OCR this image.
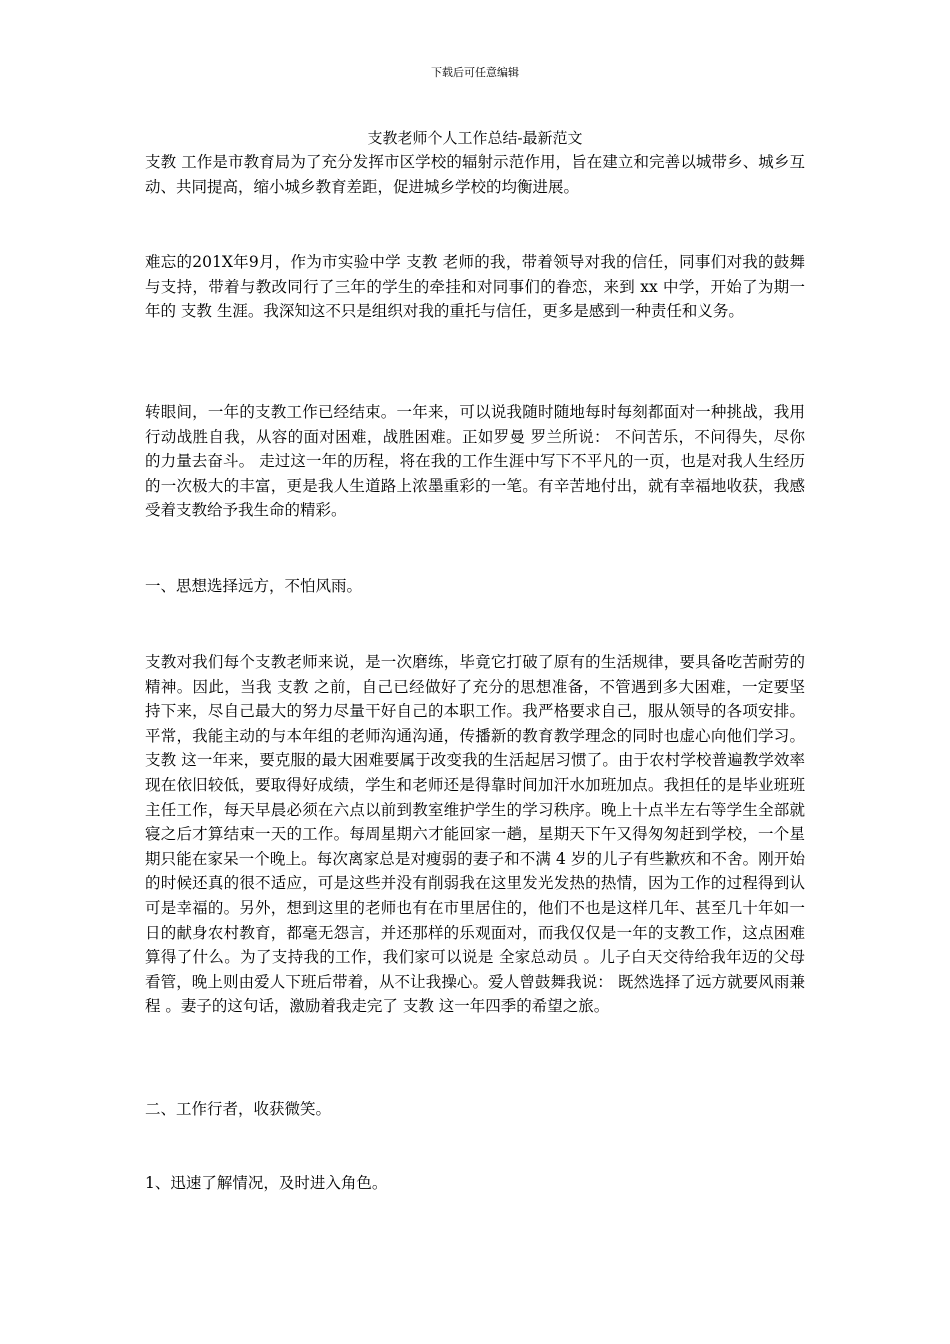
下载后可任意编辑
支教老师个人工作总结-最新范文

支教 工作是市教育局为了充分发挥市区学校的辐射示范作用，旨在建立和完善以城带乡、城乡互动、共同提高，缩小城乡教育差距，促进城乡学校的均衡进展。

难忘的201X年9月，作为市实验中学 支教 老师的我，带着领导对我的信任，同事们对我的鼓舞与支持，带着与教改同行了三年的学生的牵挂和对同事们的眷恋，来到 xx 中学，开始了为期一年的 支教 生涯。我深知这不只是组织对我的重托与信任，更多是感到一种责任和义务。

转眼间，一年的支教工作已经结束。一年来，可以说我随时随地每时每刻都面对一种挑战，我用行动战胜自我，从容的面对困难，战胜困难。正如罗曼 罗兰所说： 不问苦乐，不问得失，尽你的力量去奋斗。 走过这一年的历程，将在我的工作生涯中写下不平凡的一页，也是对我人生经历的一次极大的丰富，更是我人生道路上浓墨重彩的一笔。有辛苦地付出，就有幸福地收获，我感受着支教给予我生命的精彩。

一、思想选择远方，不怕风雨。

支教对我们每个支教老师来说，是一次磨练，毕竟它打破了原有的生活规律，要具备吃苦耐劳的精神。因此，当我 支教 之前，自己已经做好了充分的思想准备，不管遇到多大困难，一定要坚持下来，尽自己最大的努力尽量干好自己的本职工作。我严格要求自己，服从领导的各项安排。平常，我能主动的与本年组的老师沟通沟通，传播新的教育教学理念的同时也虚心向他们学习。 支教 这一年来，要克服的最大困难要属于改变我的生活起居习惯了。由于农村学校普遍教学效率现在依旧较低，要取得好成绩，学生和老师还是得靠时间加汗水加班加点。我担任的是毕业班班主任工作，每天早晨必须在六点以前到教室维护学生的学习秩序。晚上十点半左右等学生全部就寝之后才算结束一天的工作。每周星期六才能回家一趟，星期天下午又得匆匆赶到学校，一个星期只能在家呆一个晚上。每次离家总是对瘦弱的妻子和不满 4 岁的儿子有些歉疚和不舍。刚开始的时候还真的很不适应，可是这些并没有削弱我在这里发光发热的热情，因为工作的过程得到认可是幸福的。另外，想到这里的老师也有在市里居住的，他们不也是这样几年、甚至几十年如一日的献身农村教育，都毫无怨言，并还那样的乐观面对，而我仅仅是一年的支教工作，这点困难算得了什么。为了支持我的工作，我们家可以说是 全家总动员 。儿子白天交待给我年迈的父母看管，晚上则由爱人下班后带着，从不让我操心。爱人曾鼓舞我说： 既然选择了远方就要风雨兼程 。妻子的这句话，激励着我走完了 支教 这一年四季的希望之旅。

二、工作行者，收获微笑。

1、迅速了解情况，及时进入角色。
